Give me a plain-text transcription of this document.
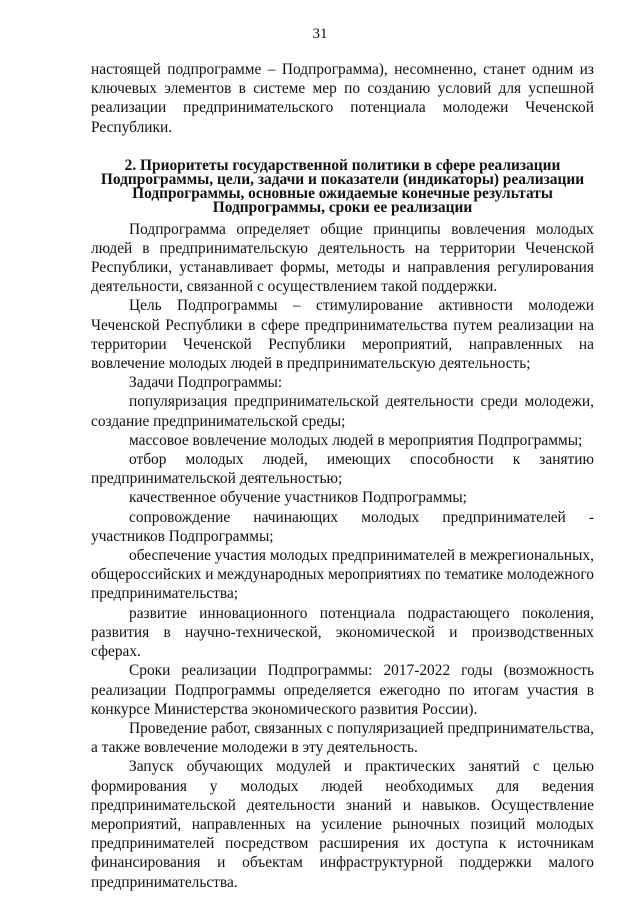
31

настоящей подпрограмме – Подпрограмма), несомненно, станет одним из ключевых элементов в системе мер по созданию условий для успешной реализации предпринимательского потенциала молодежи Чеченской Республики.

2. Приоритеты государственной политики в сфере реализации
Подпрограммы, цели, задачи и показатели (индикаторы) реализации
Подпрограммы, основные ожидаемые конечные результаты
Подпрограммы, сроки ее реализации

Подпрограмма определяет общие принципы вовлечения молодых людей в предпринимательскую деятельность на территории Чеченской Республики, устанавливает формы, методы и направления регулирования деятельности, связанной с осуществлением такой поддержки.

Цель Подпрограммы – стимулирование активности молодежи Чеченской Республики в сфере предпринимательства путем реализации на территории Чеченской Республики мероприятий, направленных на вовлечение молодых людей в предпринимательскую деятельность;

Задачи Подпрограммы:

популяризация предпринимательской деятельности среди молодежи, создание предпринимательской среды;

массовое вовлечение молодых людей в мероприятия Подпрограммы;

отбор молодых людей, имеющих способности к занятию предпринимательской деятельностью;

качественное обучение участников Подпрограммы;

сопровождение начинающих молодых предпринимателей - участников Подпрограммы;

обеспечение участия молодых предпринимателей в межрегиональных, общероссийских и международных мероприятиях по тематике молодежного предпринимательства;

развитие инновационного потенциала подрастающего поколения, развития в научно-технической, экономической и производственных сферах.

Сроки реализации Подпрограммы: 2017-2022 годы (возможность реализации Подпрограммы определяется ежегодно по итогам участия в конкурсе Министерства экономического развития России).

Проведение работ, связанных с популяризацией предпринимательства, а также вовлечение молодежи в эту деятельность.

Запуск обучающих модулей и практических занятий с целью формирования у молодых людей необходимых для ведения предпринимательской деятельности знаний и навыков. Осуществление мероприятий, направленных на усиление рыночных позиций молодых предпринимателей посредством расширения их доступа к источникам финансирования и объектам инфраструктурной поддержки малого предпринимательства.
